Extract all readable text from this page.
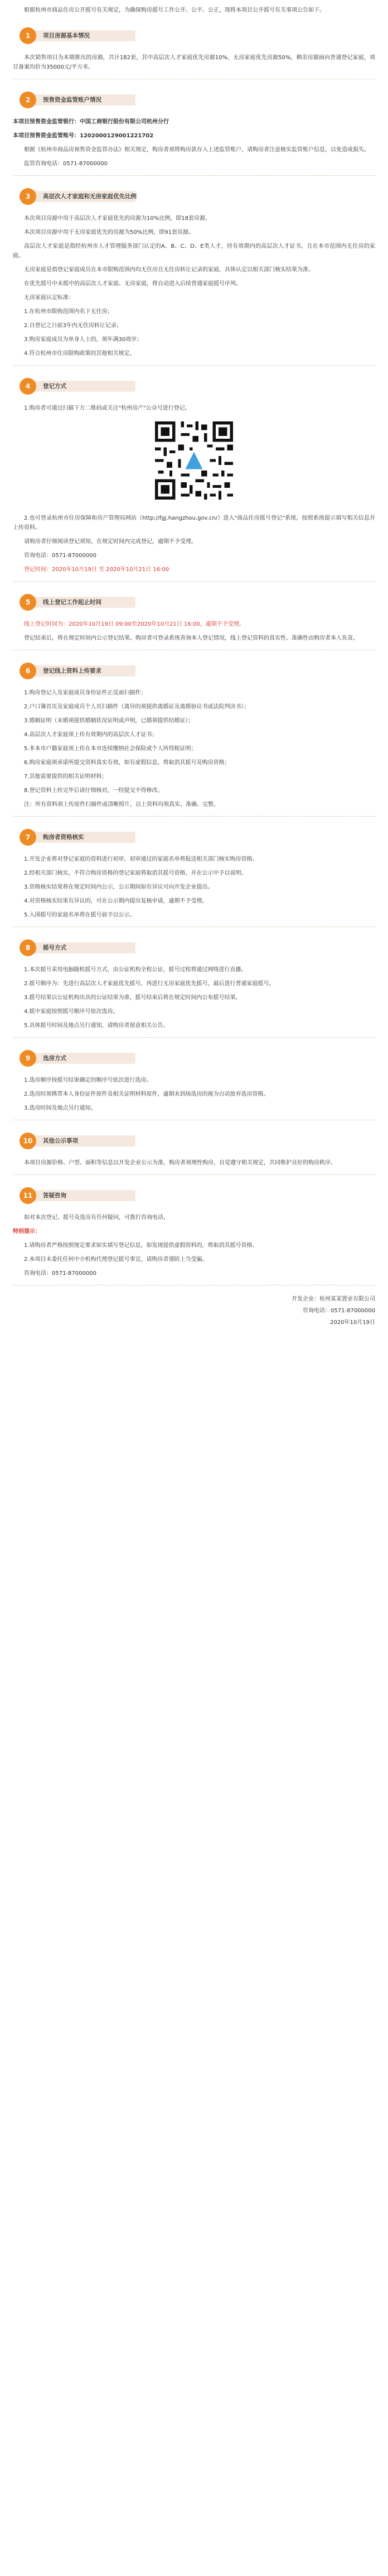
根据杭州市商品住房公开摇号有关规定，为确保购房摇号工作公开、公平、公正，现将本项目公开摇号有关事项公告如下。

1	项目房源基本情况

本次销售项目为本期推出的房源，共计182套，其中高层次人才家庭优先房源10%，无房家庭优先房源50%，剩余房源面向普通登记家庭，项目备案均价为35000元/平方米。

2	预售资金监管账户情况

本项目预售资金监管银行：中国工商银行股份有限公司杭州分行

本项目预售资金监管账号：1202000129001221702

根据《杭州市商品房预售资金监管办法》相关规定，购房者须将购房款存入上述监管账户，请购房者注意核实监管账户信息，以免造成损失。

监管咨询电话：0571-87000000

3	高层次人才家庭和无房家庭优先比例

本次项目房源中用于高层次人才家庭优先的房源为10%比例，即18套房源。

本次项目房源中用于无房家庭优先的房源为50%比例，即91套房源。

高层次人才家庭是指经杭州市人才管理服务部门认定的A、B、C、D、E类人才，持有效期内的高层次人才证书，且在本市范围内无住房的家庭。

无房家庭是指登记家庭成员在本市限购范围内均无住房且无住房转让记录的家庭，具体认定以相关部门核实结果为准。

在优先摇号中未摇中的高层次人才家庭、无房家庭，将自动进入后续普通家庭摇号序列。

无房家庭认定标准：

1.在杭州市限购范围内名下无住房；

2.自登记之日前3年内无住房转让记录；

3.购房家庭成员为单身人士的，须年满30周岁；

4.符合杭州市住房限购政策的其他相关规定。

4	登记方式

1.购房者可通过扫描下方二维码或关注"杭州房产"公众号进行登记。

2.也可登录杭州市住房保障和房产管理局网站（http://fgj.hangzhou.gov.cn/）进入"商品住房摇号登记"系统，按照系统提示填写相关信息并上传资料。

请购房者仔细阅读登记须知，在规定时间内完成登记，逾期不予受理。

咨询电话：0571-87000000

登记时间：2020年10月19日 至 2020年10月21日 16:00

5	线上登记工作起止时间

线上登记时间为：2020年10月19日 09:00至2020年10月21日 16:00，逾期不予受理。

登记结束后，将在规定时间内公示登记结果。购房者可登录系统查询本人登记情况，线上登记资料的真实性、准确性由购房者本人负责。

6	登记线上资料上传要求

1.购房登记人及家庭成员身份证件正反面扫描件；

2.户口簿首页及家庭成员个人页扫描件（离异的须提供离婚证及离婚协议书或法院判决书）；

3.婚姻证明（未婚须提供婚姻状况证明或声明，已婚须提供结婚证）；

4.高层次人才家庭须上传有效期内的高层次人才证书；

5.非本市户籍家庭须上传在本市连续缴纳社会保险或个人所得税证明；

6.购房家庭须承诺所提交资料真实有效，如有虚假信息，将取消其摇号及购房资格；

7.其他需要提供的相关证明材料；

8.登记资料上传完毕后请仔细核对，一经提交不得修改。

注：所有资料须上传原件扫描件或清晰照片，以上资料均须真实、准确、完整。

7	购房者资格核实

1.开发企业将对登记家庭的资料进行初审，初审通过的家庭名单将报送相关部门核实购房资格。

2.经相关部门核实，不符合购房资格的登记家庭将取消其摇号资格，并在公示中予以说明。

3.资格核实结果将在规定时间内公示，公示期间如有异议可向开发企业提出。

4.对资格核实结果有异议的，可在公示期内提出复核申请，逾期不予受理。

5.入围摇号的家庭名单将在摇号前予以公示。

8	摇号方式

1.本次摇号采用电脑随机摇号方式，由公证机构全程公证，摇号过程将通过网络进行直播。

2.摇号顺序为：先进行高层次人才家庭优先摇号，再进行无房家庭优先摇号，最后进行普通家庭摇号。

3.摇号结果以公证机构出具的公证结果为准，摇号结束后将在规定时间内公布摇号结果。

4.摇中家庭按照摇号顺序号依次选房。

5.具体摇号时间及地点另行通知，请购房者留意相关公告。

9	选房方式

1.选房顺序按摇号结果确定的顺序号依次进行选房。

2.选房时须携带本人身份证件原件及相关证明材料原件，逾期未到场选房的视为自动放弃选房资格。

3.选房时间及地点另行通知。

10	其他公示事项

本项目房源价格、户型、面积等信息以开发企业公示为准，购房者须理性购房，自觉遵守相关规定，共同维护良好的购房秩序。

11	答疑咨询

如对本次登记、摇号及选房有任何疑问，可拨打咨询电话。

特别提示：

1.请购房者严格按照规定要求如实填写登记信息，如发现提供虚假资料的，将取消其摇号资格。

2.本项目未委托任何中介机构代理登记摇号事宜，请购房者谨防上当受骗。

咨询电话：0571-87000000

开发企业：杭州某某置业有限公司

咨询电话：0571-87000000

2020年10月19日
